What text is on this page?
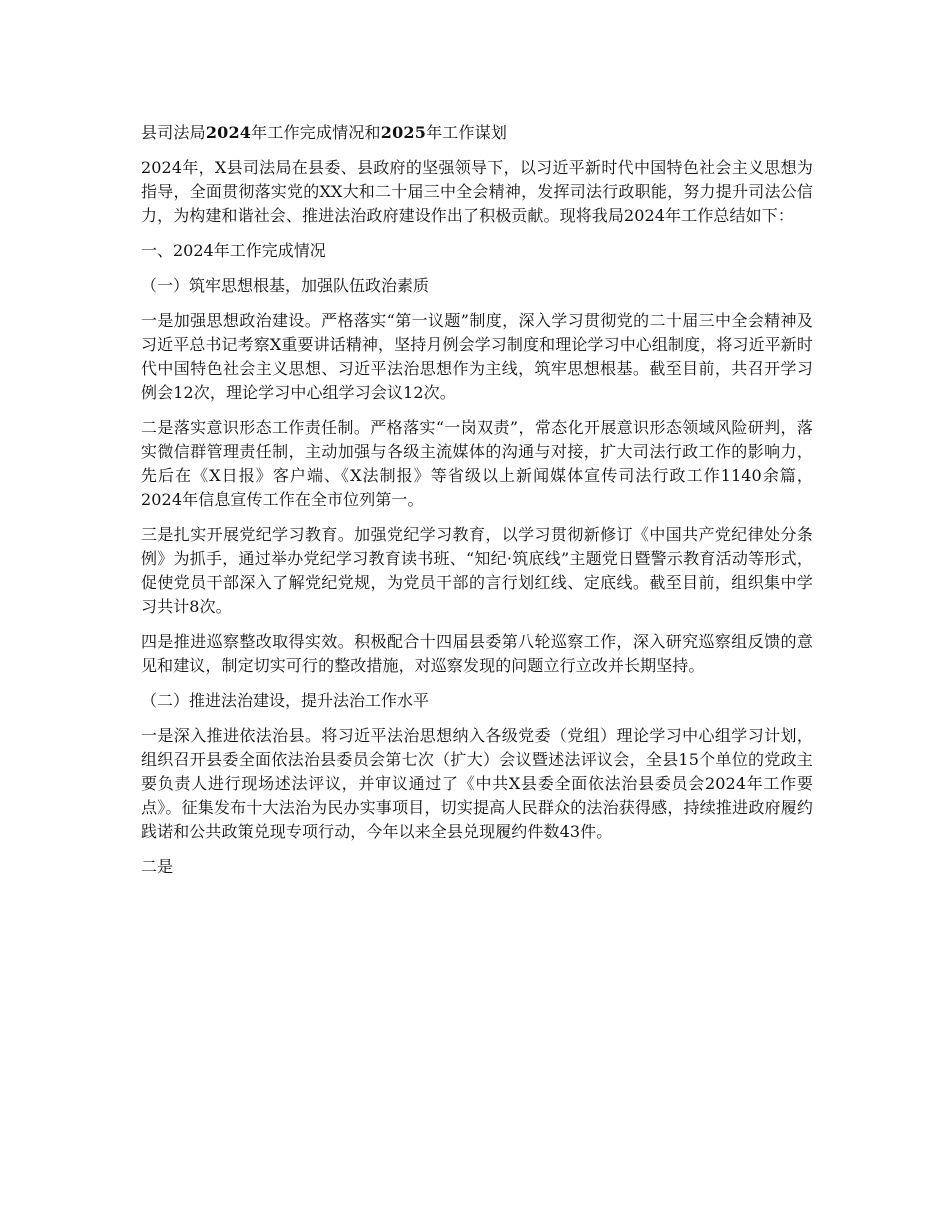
县司法局2024年工作完成情况和2025年工作谋划

2024年，X县司法局在县委、县政府的坚强领导下，以习近平新时代中国特色社会主义思想为指导，全面贯彻落实党的XX大和二十届三中全会精神，发挥司法行政职能，努力提升司法公信力，为构建和谐社会、推进法治政府建设作出了积极贡献。现将我局2024年工作总结如下：

一、2024年工作完成情况

（一）筑牢思想根基，加强队伍政治素质

一是加强思想政治建设。严格落实“第一议题”制度，深入学习贯彻党的二十届三中全会精神及习近平总书记考察X重要讲话精神，坚持月例会学习制度和理论学习中心组制度，将习近平新时代中国特色社会主义思想、习近平法治思想作为主线，筑牢思想根基。截至目前，共召开学习例会12次，理论学习中心组学习会议12次。

二是落实意识形态工作责任制。严格落实“一岗双责”，常态化开展意识形态领域风险研判，落实微信群管理责任制，主动加强与各级主流媒体的沟通与对接，扩大司法行政工作的影响力，先后在《X日报》客户端、《X法制报》等省级以上新闻媒体宣传司法行政工作1140余篇，2024年信息宣传工作在全市位列第一。

三是扎实开展党纪学习教育。加强党纪学习教育，以学习贯彻新修订《中国共产党纪律处分条例》为抓手，通过举办党纪学习教育读书班、“知纪·筑底线”主题党日暨警示教育活动等形式，促使党员干部深入了解党纪党规，为党员干部的言行划红线、定底线。截至目前，组织集中学习共计8次。

四是推进巡察整改取得实效。积极配合十四届县委第八轮巡察工作，深入研究巡察组反馈的意见和建议，制定切实可行的整改措施，对巡察发现的问题立行立改并长期坚持。

（二）推进法治建设，提升法治工作水平

一是深入推进依法治县。将习近平法治思想纳入各级党委（党组）理论学习中心组学习计划，组织召开县委全面依法治县委员会第七次（扩大）会议暨述法评议会，全县15个单位的党政主要负责人进行现场述法评议，并审议通过了《中共X县委全面依法治县委员会2024年工作要点》。征集发布十大法治为民办实事项目，切实提高人民群众的法治获得感，持续推进政府履约践诺和公共政策兑现专项行动，今年以来全县兑现履约件数43件。

二是
